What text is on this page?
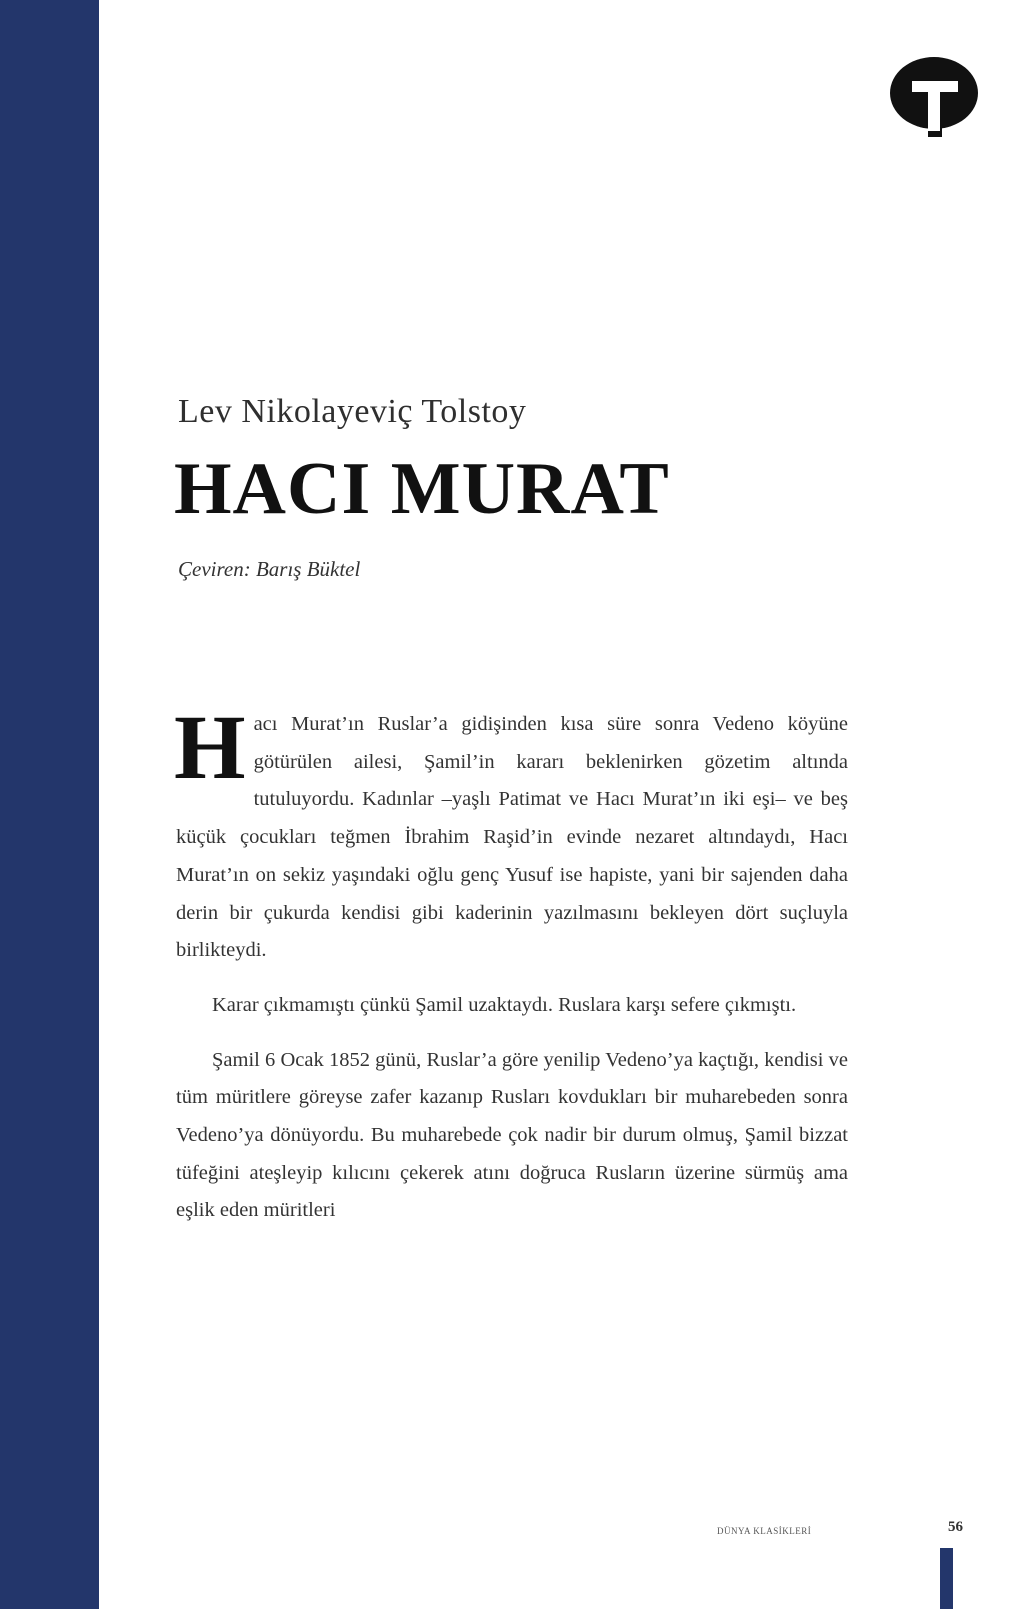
Lev Nikolayeviç Tolstoy
HACI MURAT
Çeviren: Barış Büktel

Hacı Murat’ın Ruslar’a gidişinden kısa süre sonra Vedeno köyüne götürülen ailesi, Şamil’in kararı beklenirken gözetim altında tutuluyordu. Kadınlar –yaşlı Patimat ve Hacı Murat’ın iki eşi– ve beş küçük çocukları teğmen İbrahim Raşid’in evinde nezaret altındaydı, Hacı Murat’ın on sekiz yaşındaki oğlu genç Yusuf ise hapiste, yani bir sajenden daha derin bir çukurda kendisi gibi kaderinin yazılmasını bekleyen dört suçluyla birlikteydi.

Karar çıkmamıştı çünkü Şamil uzaktaydı. Ruslara karşı sefere çıkmıştı.

Şamil 6 Ocak 1852 günü, Ruslar’a göre yenilip Vedeno’ya kaçtığı, kendisi ve tüm müritlere göreyse zafer kazanıp Rusları kovdukları bir muharebeden sonra Vedeno’ya dönüyordu. Bu muharebede çok nadir bir durum olmuş, Şamil bizzat tüfeğini ateşleyip kılıcını çekerek atını doğruca Rusların üzerine sürmüş ama eşlik eden müritleri

DÜNYA KLASİKLERİ	56
